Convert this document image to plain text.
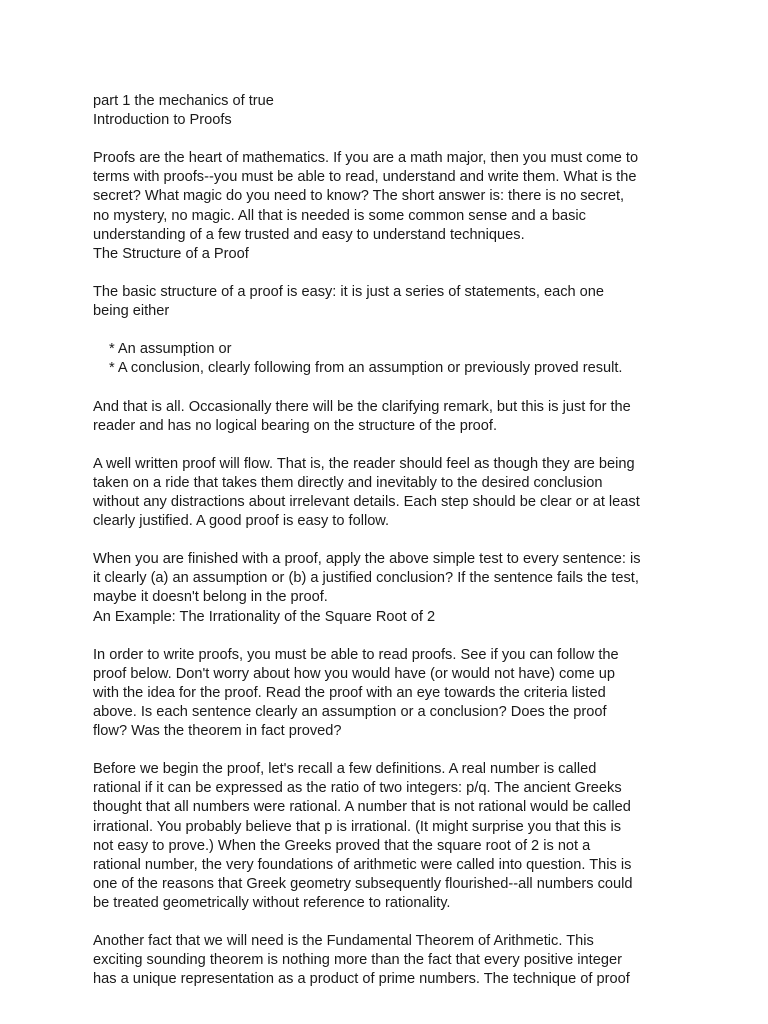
part 1 the mechanics of true
Introduction to Proofs
Proofs are the heart of mathematics. If you are a math major, then you must come to
terms with proofs--you must be able to read, understand and write them. What is the
secret? What magic do you need to know? The short answer is: there is no secret,
no mystery, no magic. All that is needed is some common sense and a basic
understanding of a few trusted and easy to understand techniques.
The Structure of a Proof
The basic structure of a proof is easy: it is just a series of statements, each one
being either
* An assumption or
* A conclusion, clearly following from an assumption or previously proved result.
And that is all. Occasionally there will be the clarifying remark, but this is just for the
reader and has no logical bearing on the structure of the proof.
A well written proof will flow. That is, the reader should feel as though they are being
taken on a ride that takes them directly and inevitably to the desired conclusion
without any distractions about irrelevant details. Each step should be clear or at least
clearly justified. A good proof is easy to follow.
When you are finished with a proof, apply the above simple test to every sentence: is
it clearly (a) an assumption or (b) a justified conclusion? If the sentence fails the test,
maybe it doesn't belong in the proof.
An Example: The Irrationality of the Square Root of 2
In order to write proofs, you must be able to read proofs. See if you can follow the
proof below. Don't worry about how you would have (or would not have) come up
with the idea for the proof. Read the proof with an eye towards the criteria listed
above. Is each sentence clearly an assumption or a conclusion? Does the proof
flow? Was the theorem in fact proved?
Before we begin the proof, let's recall a few definitions. A real number is called
rational if it can be expressed as the ratio of two integers: p/q. The ancient Greeks
thought that all numbers were rational. A number that is not rational would be called
irrational. You probably believe that p is irrational. (It might surprise you that this is
not easy to prove.) When the Greeks proved that the square root of 2 is not a
rational number, the very foundations of arithmetic were called into question. This is
one of the reasons that Greek geometry subsequently flourished--all numbers could
be treated geometrically without reference to rationality.
Another fact that we will need is the Fundamental Theorem of Arithmetic. This
exciting sounding theorem is nothing more than the fact that every positive integer
has a unique representation as a product of prime numbers. The technique of proof
